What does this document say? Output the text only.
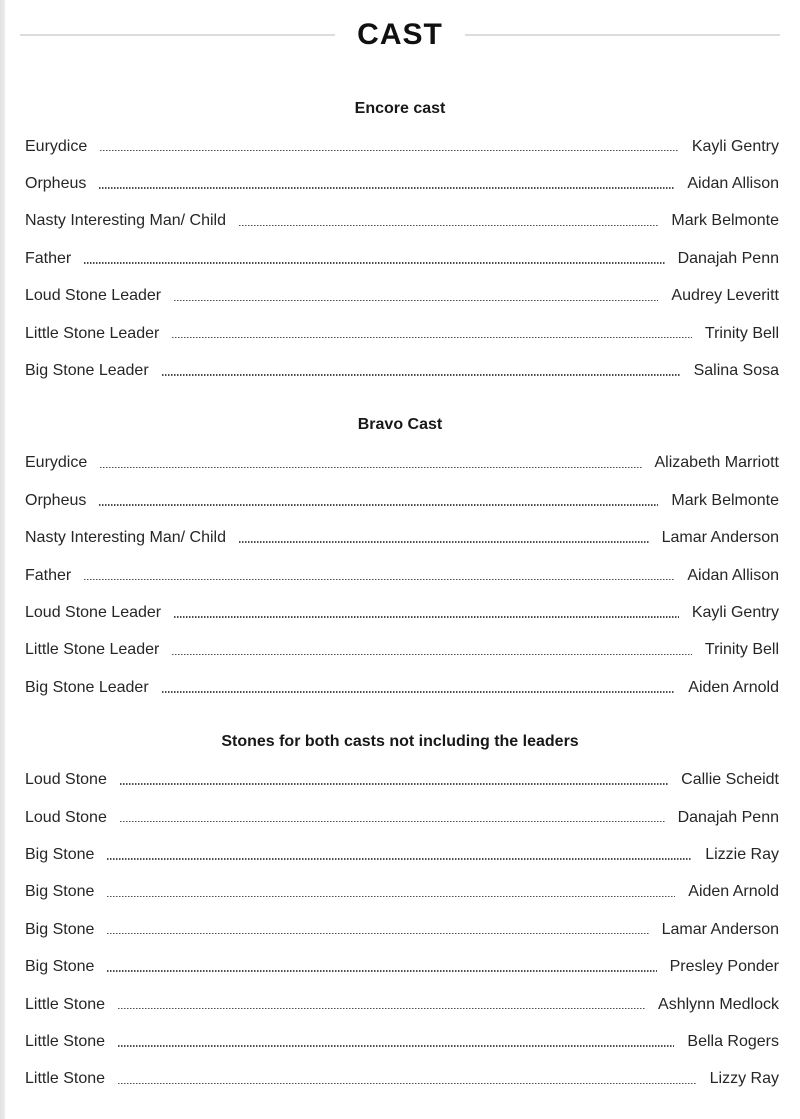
CAST
Encore cast
Eurydice	Kayli Gentry
Orpheus	Aidan Allison
Nasty Interesting Man/ Child	Mark Belmonte
Father	Danajah Penn
Loud Stone Leader	Audrey Leveritt
Little Stone Leader	Trinity Bell
Big Stone Leader	Salina Sosa
Bravo Cast
Eurydice	Alizabeth Marriott
Orpheus	Mark Belmonte
Nasty Interesting Man/ Child	Lamar Anderson
Father	Aidan Allison
Loud Stone Leader	Kayli Gentry
Little Stone Leader	Trinity Bell
Big Stone Leader	Aiden Arnold
Stones for both casts not including the leaders
Loud Stone	Callie Scheidt
Loud Stone	Danajah Penn
Big Stone	Lizzie Ray
Big Stone	Aiden Arnold
Big Stone	Lamar Anderson
Big Stone	Presley Ponder
Little Stone	Ashlynn Medlock
Little Stone	Bella Rogers
Little Stone	Lizzy Ray
